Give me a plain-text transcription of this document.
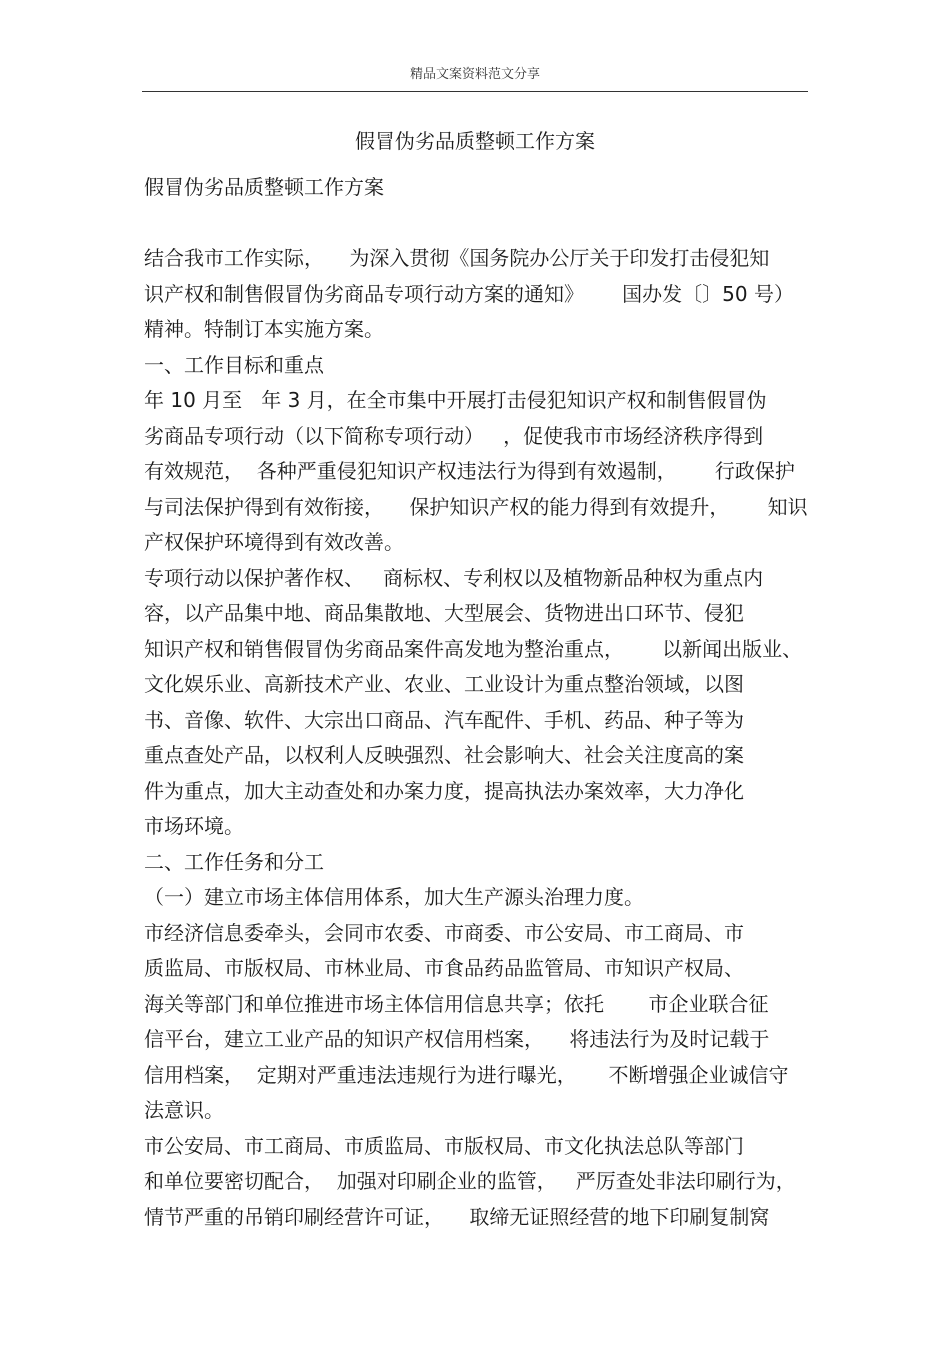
精品文案资料范文分享
假冒伪劣品质整顿工作方案
假冒伪劣品质整顿工作方案
结合我市工作实际，    为深入贯彻《国务院办公厅关于印发打击侵犯知
识产权和制售假冒伪劣商品专项行动方案的通知》      国办发〔〕50 号）
精神。特制订本实施方案。
一、工作目标和重点
年 10 月至   年 3 月，在全市集中开展打击侵犯知识产权和制售假冒伪
劣商品专项行动（以下简称专项行动）   ，促使我市市场经济秩序得到
有效规范，  各种严重侵犯知识产权违法行为得到有效遏制，      行政保护
与司法保护得到有效衔接，    保护知识产权的能力得到有效提升，      知识
产权保护环境得到有效改善。
专项行动以保护著作权、   商标权、专利权以及植物新品种权为重点内
容，以产品集中地、商品集散地、大型展会、货物进出口环节、侵犯
知识产权和销售假冒伪劣商品案件高发地为整治重点，      以新闻出版业、
文化娱乐业、高新技术产业、农业、工业设计为重点整治领域，以图
书、音像、软件、大宗出口商品、汽车配件、手机、药品、种子等为
重点查处产品，以权利人反映强烈、社会影响大、社会关注度高的案
件为重点，加大主动查处和办案力度，提高执法办案效率，大力净化
市场环境。
二、工作任务和分工
（一）建立市场主体信用体系，加大生产源头治理力度。
市经济信息委牵头，会同市农委、市商委、市公安局、市工商局、市
质监局、市版权局、市林业局、市食品药品监管局、市知识产权局、
海关等部门和单位推进市场主体信用信息共享；依托       市企业联合征
信平台，建立工业产品的知识产权信用档案，    将违法行为及时记载于
信用档案，  定期对严重违法违规行为进行曝光，     不断增强企业诚信守
法意识。
市公安局、市工商局、市质监局、市版权局、市文化执法总队等部门
和单位要密切配合，  加强对印刷企业的监管，   严厉查处非法印刷行为，
情节严重的吊销印刷经营许可证，    取缔无证照经营的地下印刷复制窝
